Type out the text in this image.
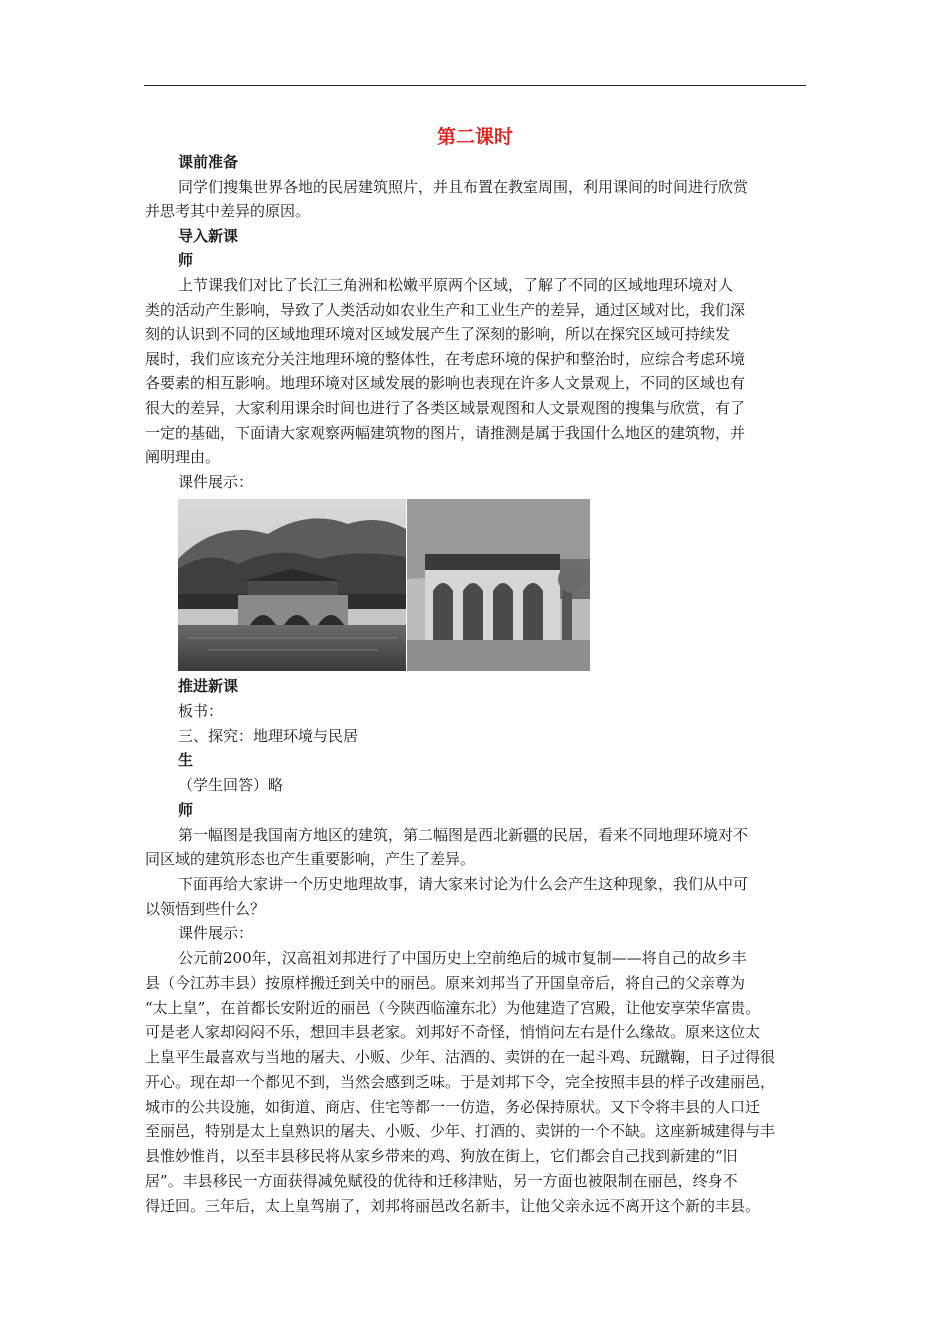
第二课时
课前准备
同学们搜集世界各地的民居建筑照片，并且布置在教室周围，利用课间的时间进行欣赏
并思考其中差异的原因。
导入新课
师
上节课我们对比了长江三角洲和松嫩平原两个区域，了解了不同的区域地理环境对人
类的活动产生影响，导致了人类活动如农业生产和工业生产的差异，通过区域对比，我们深
刻的认识到不同的区域地理环境对区域发展产生了深刻的影响，所以在探究区域可持续发
展时，我们应该充分关注地理环境的整体性，在考虑环境的保护和整治时，应综合考虑环境
各要素的相互影响。地理环境对区域发展的影响也表现在许多人文景观上，不同的区域也有
很大的差异，大家利用课余时间也进行了各类区域景观图和人文景观图的搜集与欣赏，有了
一定的基础，下面请大家观察两幅建筑物的图片，请推测是属于我国什么地区的建筑物，并
阐明理由。
课件展示：
推进新课
板书：
三、探究：地理环境与民居
生
（学生回答）略
师
第一幅图是我国南方地区的建筑，第二幅图是西北新疆的民居，看来不同地理环境对不
同区域的建筑形态也产生重要影响，产生了差异。
下面再给大家讲一个历史地理故事，请大家来讨论为什么会产生这种现象，我们从中可
以领悟到些什么？
课件展示：
公元前200年，汉高祖刘邦进行了中国历史上空前绝后的城市复制——将自己的故乡丰
县（今江苏丰县）按原样搬迁到关中的丽邑。原来刘邦当了开国皇帝后，将自己的父亲尊为
“太上皇”，在首都长安附近的丽邑（今陕西临潼东北）为他建造了宫殿，让他安享荣华富贵。
可是老人家却闷闷不乐，想回丰县老家。刘邦好不奇怪，悄悄问左右是什么缘故。原来这位太
上皇平生最喜欢与当地的屠夫、小贩、少年、沽酒的、卖饼的在一起斗鸡、玩蹴鞠，日子过得很
开心。现在却一个都见不到，当然会感到乏味。于是刘邦下令，完全按照丰县的样子改建丽邑，
城市的公共设施，如街道、商店、住宅等都一一仿造，务必保持原状。又下令将丰县的人口迁
至丽邑，特别是太上皇熟识的屠夫、小贩、少年、打酒的、卖饼的一个不缺。这座新城建得与丰
县惟妙惟肖，以至丰县移民将从家乡带来的鸡、狗放在街上，它们都会自己找到新建的“旧
居”。丰县移民一方面获得减免赋役的优待和迁移津贴，另一方面也被限制在丽邑，终身不
得迁回。三年后，太上皇驾崩了，刘邦将丽邑改名新丰，让他父亲永远不离开这个新的丰县。
